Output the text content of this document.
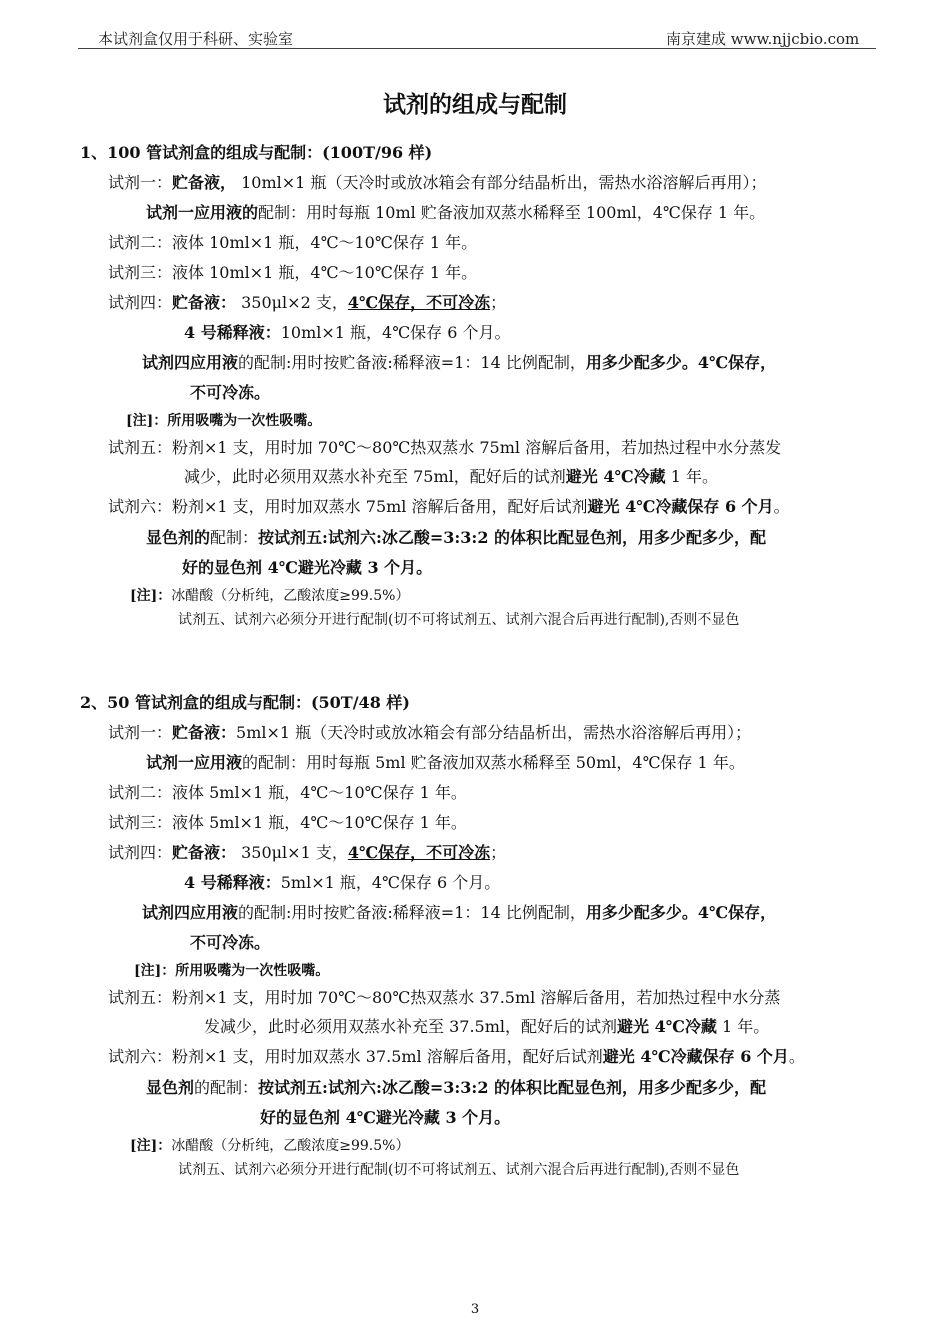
本试剂盒仅用于科研、实验室	南京建成 www.njjcbio.com
试剂的组成与配制
1、100 管试剂盒的组成与配制：(100T/96 样)
试剂一：贮备液， 10ml×1 瓶（天冷时或放冰箱会有部分结晶析出，需热水浴溶解后再用）；
试剂一应用液的配制：用时每瓶 10ml 贮备液加双蒸水稀释至 100ml，4℃保存 1 年。
试剂二：液体 10ml×1 瓶，4℃～10℃保存 1 年。
试剂三：液体 10ml×1 瓶，4℃～10℃保存 1 年。
试剂四：贮备液： 350μl×2 支，4℃保存，不可冷冻；
4 号稀释液：10ml×1 瓶，4℃保存 6 个月。
试剂四应用液的配制:用时按贮备液:稀释液=1：14 比例配制，用多少配多少。4℃保存，
不可冷冻。
[注]：所用吸嘴为一次性吸嘴。
试剂五：粉剂×1 支，用时加 70℃～80℃热双蒸水 75ml 溶解后备用，若加热过程中水分蒸发
减少，此时必须用双蒸水补充至 75ml，配好后的试剂避光 4℃冷藏 1 年。
试剂六：粉剂×1 支，用时加双蒸水 75ml 溶解后备用，配好后试剂避光 4℃冷藏保存 6 个月。
显色剂的配制：按试剂五:试剂六:冰乙酸=3:3:2 的体积比配显色剂，用多少配多少，配
好的显色剂 4℃避光冷藏 3 个月。
[注]：冰醋酸（分析纯，乙酸浓度≥99.5%）
试剂五、试剂六必须分开进行配制(切不可将试剂五、试剂六混合后再进行配制),否则不显色
2、50 管试剂盒的组成与配制：(50T/48 样)
试剂一：贮备液：5ml×1 瓶（天冷时或放冰箱会有部分结晶析出，需热水浴溶解后再用）；
试剂一应用液的配制：用时每瓶 5ml 贮备液加双蒸水稀释至 50ml，4℃保存 1 年。
试剂二：液体 5ml×1 瓶，4℃～10℃保存 1 年。
试剂三：液体 5ml×1 瓶，4℃～10℃保存 1 年。
试剂四：贮备液： 350μl×1 支，4℃保存，不可冷冻；
4 号稀释液：5ml×1 瓶，4℃保存 6 个月。
试剂四应用液的配制:用时按贮备液:稀释液=1：14 比例配制，用多少配多少。4℃保存，
不可冷冻。
[注]：所用吸嘴为一次性吸嘴。
试剂五：粉剂×1 支，用时加 70℃～80℃热双蒸水 37.5ml 溶解后备用，若加热过程中水分蒸
发减少，此时必须用双蒸水补充至 37.5ml，配好后的试剂避光 4℃冷藏 1 年。
试剂六：粉剂×1 支，用时加双蒸水 37.5ml 溶解后备用，配好后试剂避光 4℃冷藏保存 6 个月。
显色剂的配制：按试剂五:试剂六:冰乙酸=3:3:2 的体积比配显色剂，用多少配多少，配
好的显色剂 4℃避光冷藏 3 个月。
[注]：冰醋酸（分析纯，乙酸浓度≥99.5%）
试剂五、试剂六必须分开进行配制(切不可将试剂五、试剂六混合后再进行配制),否则不显色
3
